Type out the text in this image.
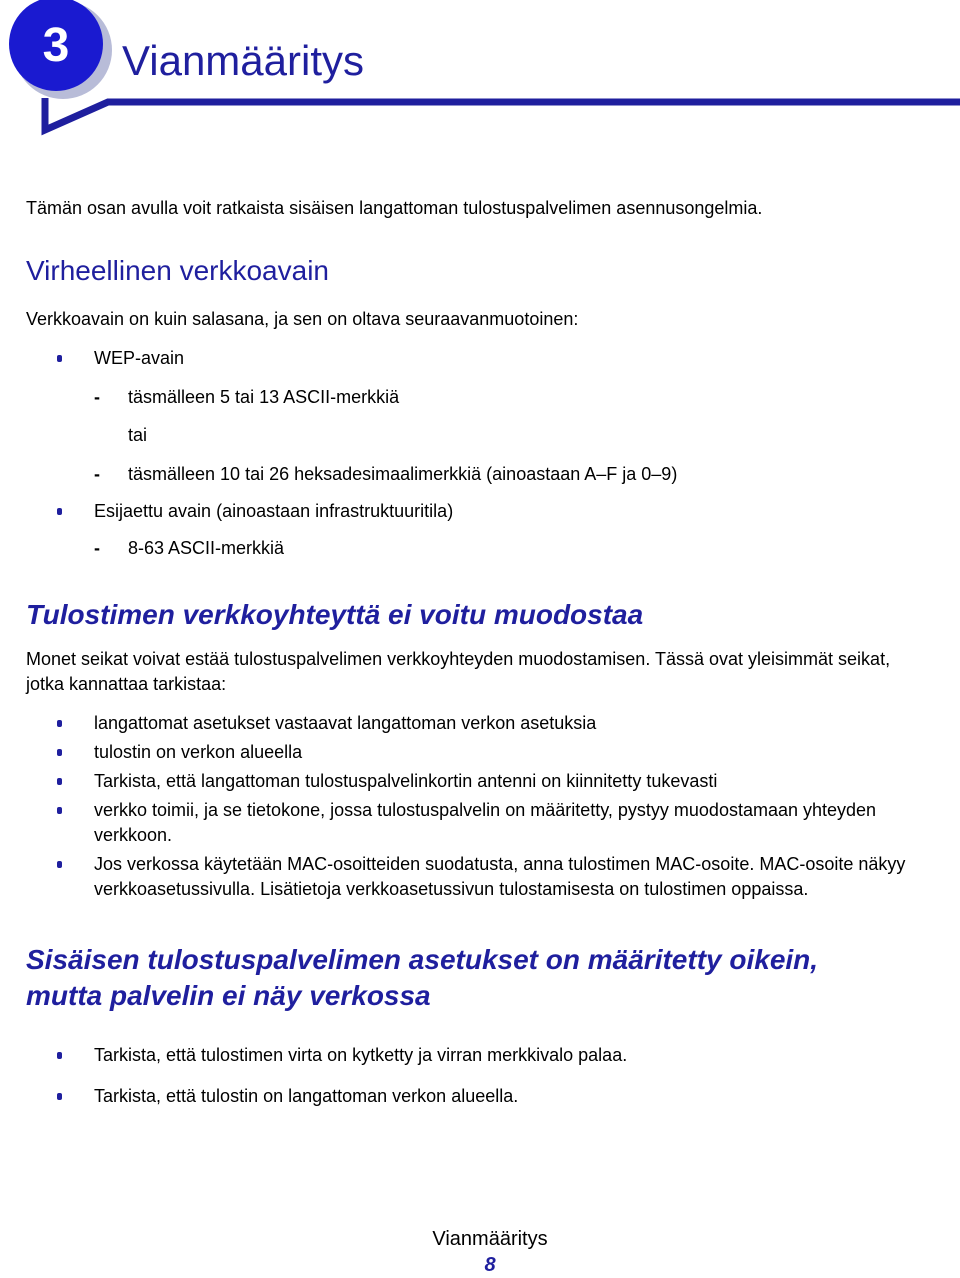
3 Vianmääritys

Tämän osan avulla voit ratkaista sisäisen langattoman tulostuspalvelimen asennusongelmia.

Virheellinen verkkoavain

Verkkoavain on kuin salasana, ja sen on oltava seuraavanmuotoinen:

WEP-avain
- täsmälleen 5 tai 13 ASCII-merkkiä
tai
- täsmälleen 10 tai 26 heksadesimaalimerkkiä (ainoastaan A–F ja 0–9)
Esijaettu avain (ainoastaan infrastruktuuritila)
- 8-63 ASCII-merkkiä
Tulostimen verkkoyhteyttä ei voitu muodostaa

Monet seikat voivat estää tulostuspalvelimen verkkoyhteyden muodostamisen. Tässä ovat yleisimmät seikat, jotka kannattaa tarkistaa:

langattomat asetukset vastaavat langattoman verkon asetuksia
tulostin on verkon alueella
Tarkista, että langattoman tulostuspalvelinkortin antenni on kiinnitetty tukevasti
verkko toimii, ja se tietokone, jossa tulostuspalvelin on määritetty, pystyy muodostamaan yhteyden verkkoon.
Jos verkossa käytetään MAC-osoitteiden suodatusta, anna tulostimen MAC-osoite. MAC-osoite näkyy verkkoasetussivulla. Lisätietoja verkkoasetussivun tulostamisesta on tulostimen oppaissa.
Sisäisen tulostuspalvelimen asetukset on määritetty oikein, mutta palvelin ei näy verkossa
Tarkista, että tulostimen virta on kytketty ja virran merkkivalo palaa.
Tarkista, että tulostin on langattoman verkon alueella.
Vianmääritys
8
